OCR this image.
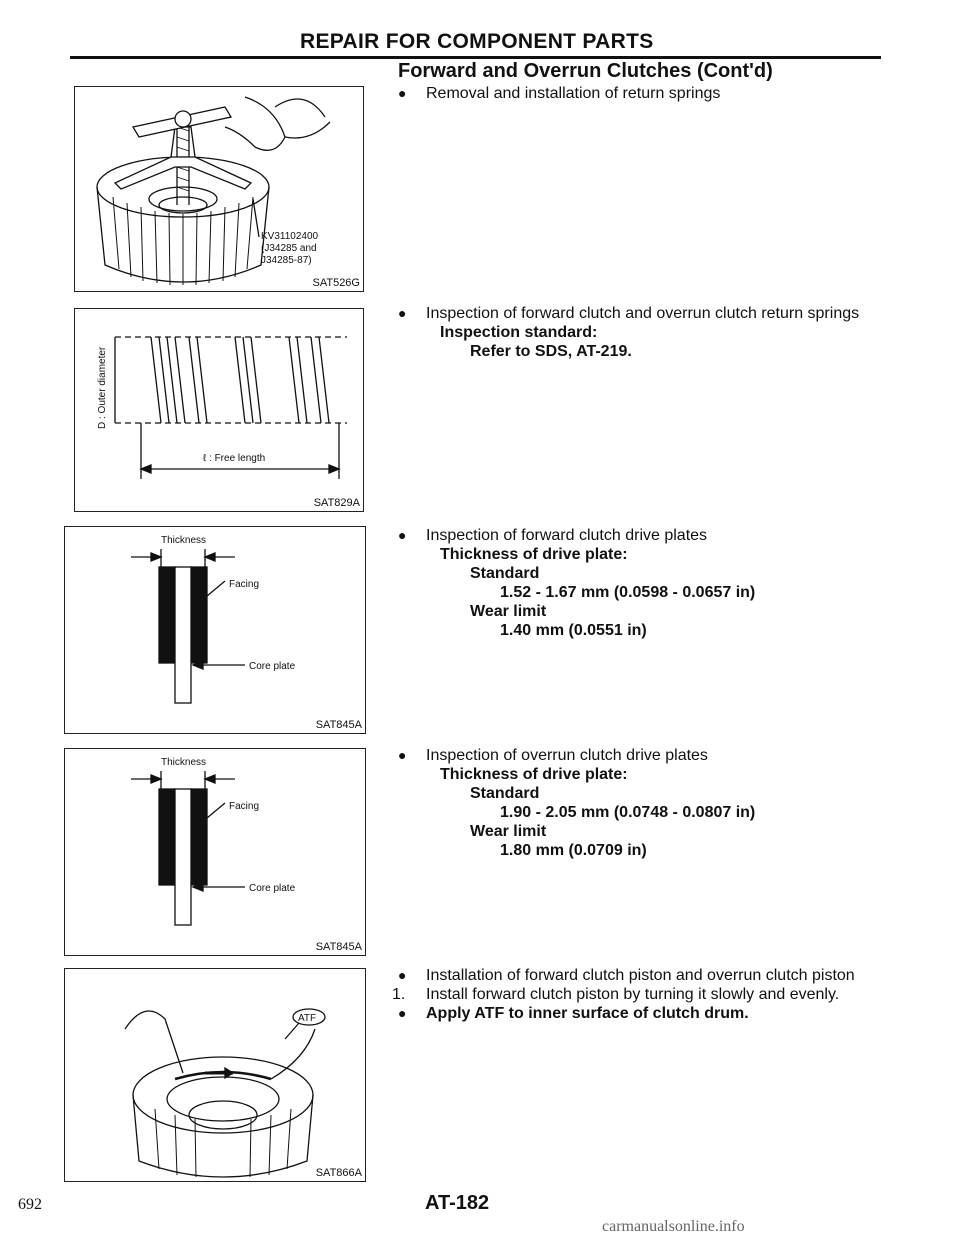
REPAIR FOR COMPONENT PARTS
Forward and Overrun Clutches (Cont'd)
KV31102400
(J34285 and
J34285-87)
SAT526G
D : Outer diameter
ℓ : Free length
SAT829A
Thickness
Facing
Core plate
SAT845A
Thickness
Facing
Core plate
SAT845A
ATF
SAT866A
● Removal and installation of return springs
● Inspection of forward clutch and overrun clutch return springs
Inspection standard:
Refer to SDS, AT-219.
● Inspection of forward clutch drive plates
Thickness of drive plate:
Standard
1.52 - 1.67 mm (0.0598 - 0.0657 in)
Wear limit
1.40 mm (0.0551 in)
● Inspection of overrun clutch drive plates
Thickness of drive plate:
Standard
1.90 - 2.05 mm (0.0748 - 0.0807 in)
Wear limit
1.80 mm (0.0709 in)
● Installation of forward clutch piston and overrun clutch piston
1. Install forward clutch piston by turning it slowly and evenly.
● Apply ATF to inner surface of clutch drum.
692	AT-182
carmanualsonline.info
